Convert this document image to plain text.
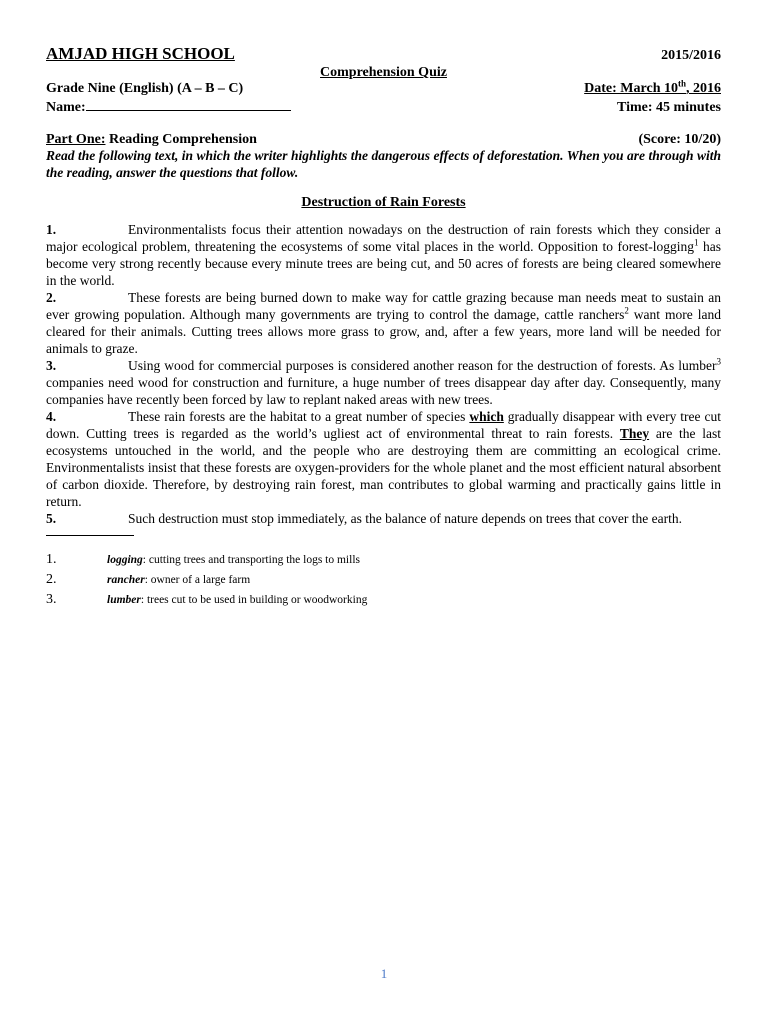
AMJAD HIGH SCHOOL	2015/2016
Comprehension Quiz
Grade Nine (English) (A – B – C)	Date: March 10th, 2016
Name:	Time: 45 minutes
Part One: Reading Comprehension	(Score: 10/20)
Read the following text, in which the writer highlights the dangerous effects of deforestation. When you are through with the reading, answer the questions that follow.
Destruction of Rain Forests
1.	Environmentalists focus their attention nowadays on the destruction of rain forests which they consider a major ecological problem, threatening the ecosystems of some vital places in the world. Opposition to forest-logging$^1$ has become very strong recently because every minute trees are being cut, and 50 acres of forests are being cleared somewhere in the world.
2.	These forests are being burned down to make way for cattle grazing because man needs meat to sustain an ever growing population. Although many governments are trying to control the damage, cattle ranchers$^2$ want more land cleared for their animals. Cutting trees allows more grass to grow, and, after a few years, more land will be needed for animals to graze.
3.	Using wood for commercial purposes is considered another reason for the destruction of forests. As lumber$^3$ companies need wood for construction and furniture, a huge number of trees disappear day after day. Consequently, many companies have recently been forced by law to replant naked areas with new trees.
4.	These rain forests are the habitat to a great number of species which gradually disappear with every tree cut down. Cutting trees is regarded as the world’s ugliest act of environmental threat to rain forests. They are the last ecosystems untouched in the world, and the people who are destroying them are committing an ecological crime. Environmentalists insist that these forests are oxygen-providers for the whole planet and the most efficient natural absorbent of carbon dioxide. Therefore, by destroying rain forest, man contributes to global warming and practically gains little in return.
5.	Such destruction must stop immediately, as the balance of nature depends on trees that cover the earth.
1.	logging: cutting trees and transporting the logs to mills
2.	rancher: owner of a large farm
3.	lumber: trees cut to be used in building or woodworking
1
